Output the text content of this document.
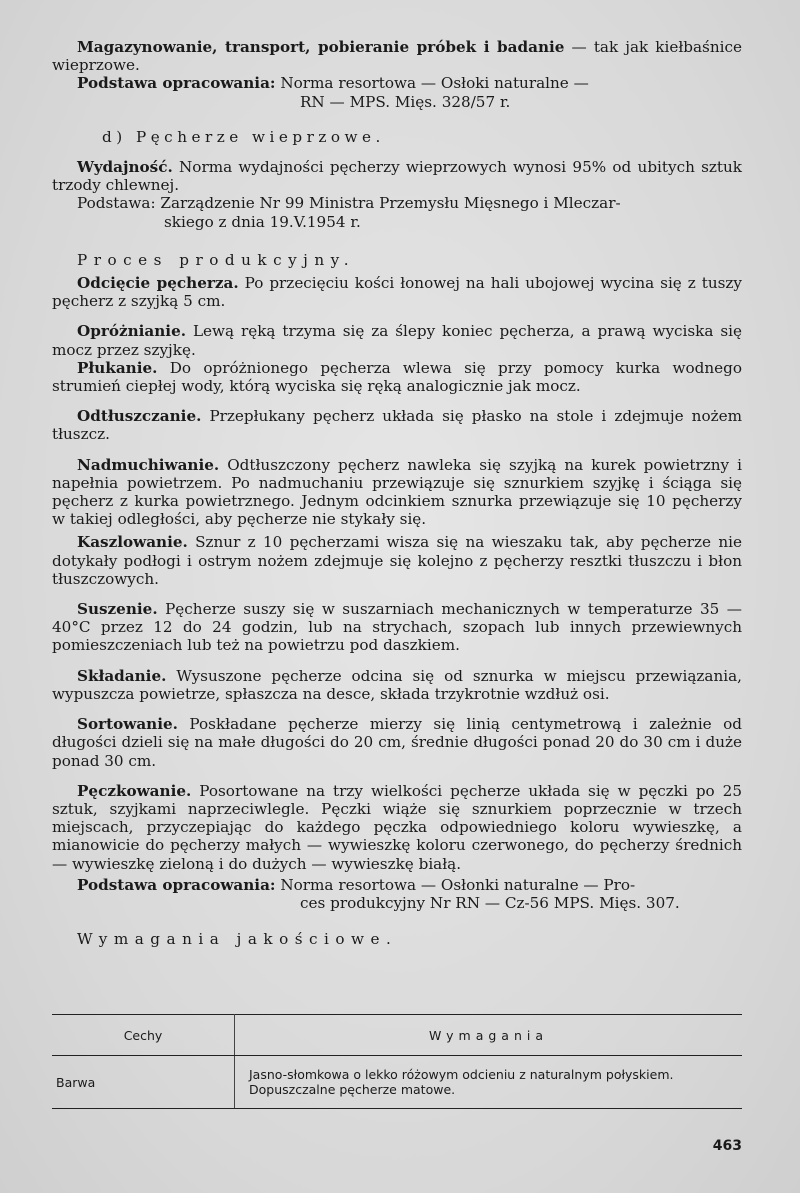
Magazynowanie, transport, pobieranie próbek i badanie — tak jak kiełbaśnice wieprzowe.

Podstawa opracowania: Norma resortowa — Osłoki naturalne —

RN — MPS. Mięs. 328/57 r.

d) Pęcherze wieprzowe.

Wydajność. Norma wydajności pęcherzy wieprzowych wynosi 95% od ubitych sztuk trzody chlewnej.

Podstawa: Zarządzenie Nr 99 Ministra Przemysłu Mięsnego i Mleczar-

skiego z dnia 19.V.1954 r.

Proces produkcyjny.

Odcięcie pęcherza. Po przecięciu kości łonowej na hali ubojowej wycina się z tuszy pęcherz z szyjką 5 cm.

Opróżnianie. Lewą ręką trzyma się za ślepy koniec pęcherza, a prawą wyciska się mocz przez szyjkę.

Płukanie. Do opróżnionego pęcherza wlewa się przy pomocy kurka wodnego strumień ciepłej wody, którą wyciska się ręką analogicznie jak mocz.

Odtłuszczanie. Przepłukany pęcherz układa się płasko na stole i zdejmuje nożem tłuszcz.

Nadmuchiwanie. Odtłuszczony pęcherz nawleka się szyjką na kurek powietrzny i napełnia powietrzem. Po nadmuchaniu przewiązuje się sznurkiem szyjkę i ściąga się pęcherz z kurka powietrznego. Jednym odcinkiem sznurka przewiązuje się 10 pęcherzy w takiej odległości, aby pęcherze nie stykały się.

Kaszlowanie. Sznur z 10 pęcherzami wisza się na wieszaku tak, aby pęcherze nie dotykały podłogi i ostrym nożem zdejmuje się kolejno z pęcherzy resztki tłuszczu i błon tłuszczowych.

Suszenie. Pęcherze suszy się w suszarniach mechanicznych w temperaturze 35 — 40°C przez 12 do 24 godzin, lub na strychach, szopach lub innych przewiewnych pomieszczeniach lub też na powietrzu pod daszkiem.

Składanie. Wysuszone pęcherze odcina się od sznurka w miejscu przewiązania, wypuszcza powietrze, spłaszcza na desce, składa trzykrotnie wzdłuż osi.

Sortowanie. Poskładane pęcherze mierzy się linią centymetrową i zależnie od długości dzieli się na małe długości do 20 cm, średnie długości ponad 20 do 30 cm i duże ponad 30 cm.

Pęczkowanie. Posortowane na trzy wielkości pęcherze układa się w pęczki po 25 sztuk, szyjkami naprzeciwlegle. Pęczki wiąże się sznurkiem poprzecznie w trzech miejscach, przyczepiając do każdego pęczka odpowiedniego koloru wywieszkę, a mianowicie do pęcherzy małych — wywieszkę koloru czerwonego, do pęcherzy średnich — wywieszkę zieloną i do dużych — wywieszkę białą.

Podstawa opracowania: Norma resortowa — Osłonki naturalne — Pro-

ces produkcyjny Nr RN — Cz-56 MPS. Mięs. 307.

Wymagania jakościowe.

Cechy	Wymagania
Barwa	Jasno-słomkowa o lekko różowym odcieniu z naturalnym połyskiem. Dopuszczalne pęcherze matowe.

463
